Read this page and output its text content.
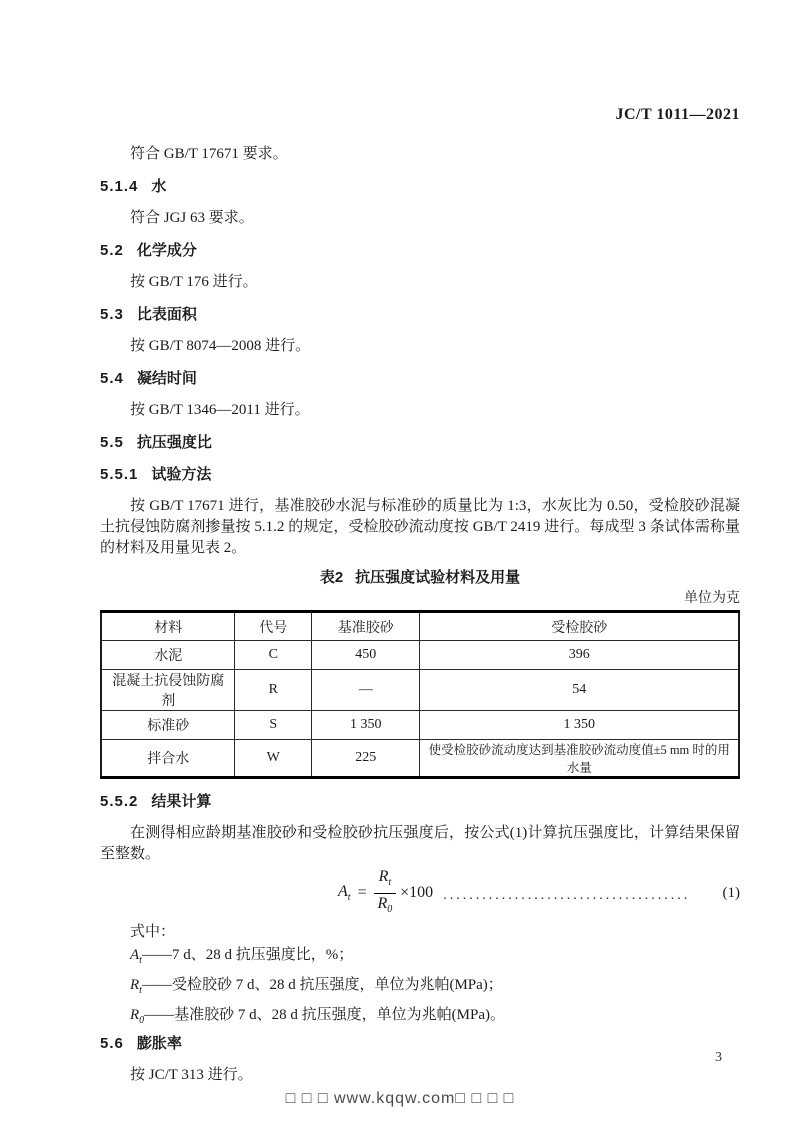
JC/T 1011—2021

符合 GB/T 17671 要求。

5.1.4 水

符合 JGJ 63 要求。

5.2 化学成分

按 GB/T 176 进行。

5.3 比表面积

按 GB/T 8074—2008 进行。

5.4 凝结时间

按 GB/T 1346—2011 进行。

5.5 抗压强度比
5.5.1 试验方法

按 GB/T 17671 进行，基准胶砂水泥与标准砂的质量比为 1:3，水灰比为 0.50，受检胶砂混凝土抗侵蚀防腐剂掺量按 5.1.2 的规定，受检胶砂流动度按 GB/T 2419 进行。每成型 3 条试体需称量的材料及用量见表 2。

表2 抗压强度试验材料及用量
单位为克
材料	代号	基准胶砂	受检胶砂
水泥	C	450	396
混凝土抗侵蚀防腐剂	R	—	54
标准砂	S	1 350	1 350
拌合水	W	225	使受检胶砂流动度达到基准胶砂流动度值±5 mm 时的用水量
5.5.2 结果计算

在测得相应龄期基准胶砂和受检胶砂抗压强度后，按公式(1)计算抗压强度比，计算结果保留至整数。

$A_t = \frac{R_t}{R_0} \times 100$ ......................................	(1)
式中：
$A_t——7$ d、28 d 抗压强度比，%；
$R_t——$受检胶砂 7 d、28 d 抗压强度，单位为兆帕(MPa)；
$R_0——$基准胶砂 7 d、28 d 抗压强度，单位为兆帕(MPa)。
5.6 膨胀率

按 JC/T 313 进行。

3
□ □ □ www.kqqw.com□ □ □ □
